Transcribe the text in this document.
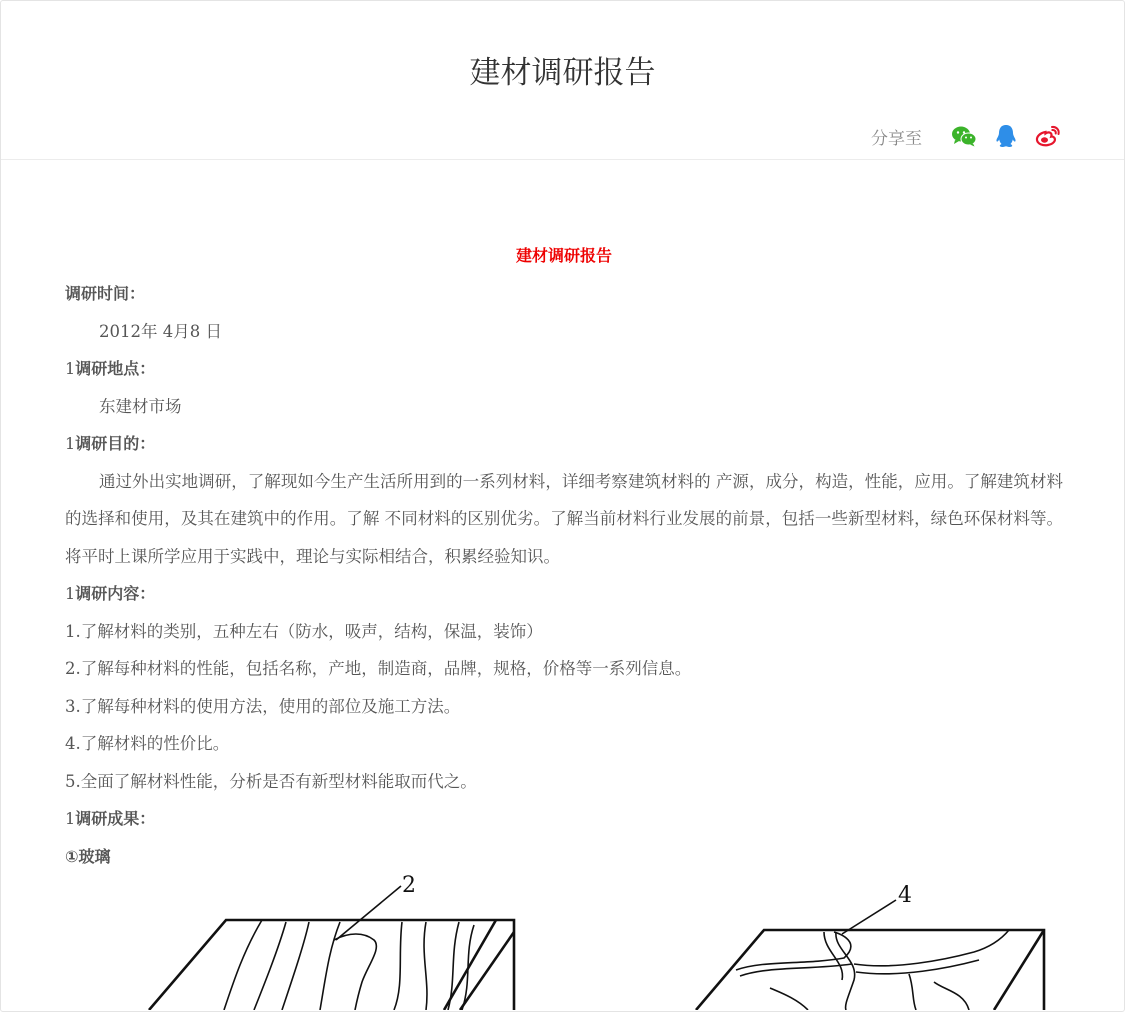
建材调研报告
分享至
建材调研报告
调研时间：
2012年 4月8 日
1调研地点：
东建材市场
1调研目的：
通过外出实地调研，了解现如今生产生活所用到的一系列材料，详细考察建筑材料的 产源，成分，构造，性能，应用。了解建筑材料的选择和使用，及其在建筑中的作用。了解 不同材料的区别优劣。了解当前材料行业发展的前景，包括一些新型材料，绿色环保材料等。将平时上课所学应用于实践中，理论与实际相结合，积累经验知识。
1调研内容：
1.了解材料的类别，五种左右（防水，吸声，结构，保温，装饰）
2.了解每种材料的性能，包括名称，产地，制造商，品牌，规格，价格等一系列信息。
3.了解每种材料的使用方法，使用的部位及施工方法。
4.了解材料的性价比。
5.全面了解材料性能，分析是否有新型材料能取而代之。
1调研成果：
①玻璃
2	4
